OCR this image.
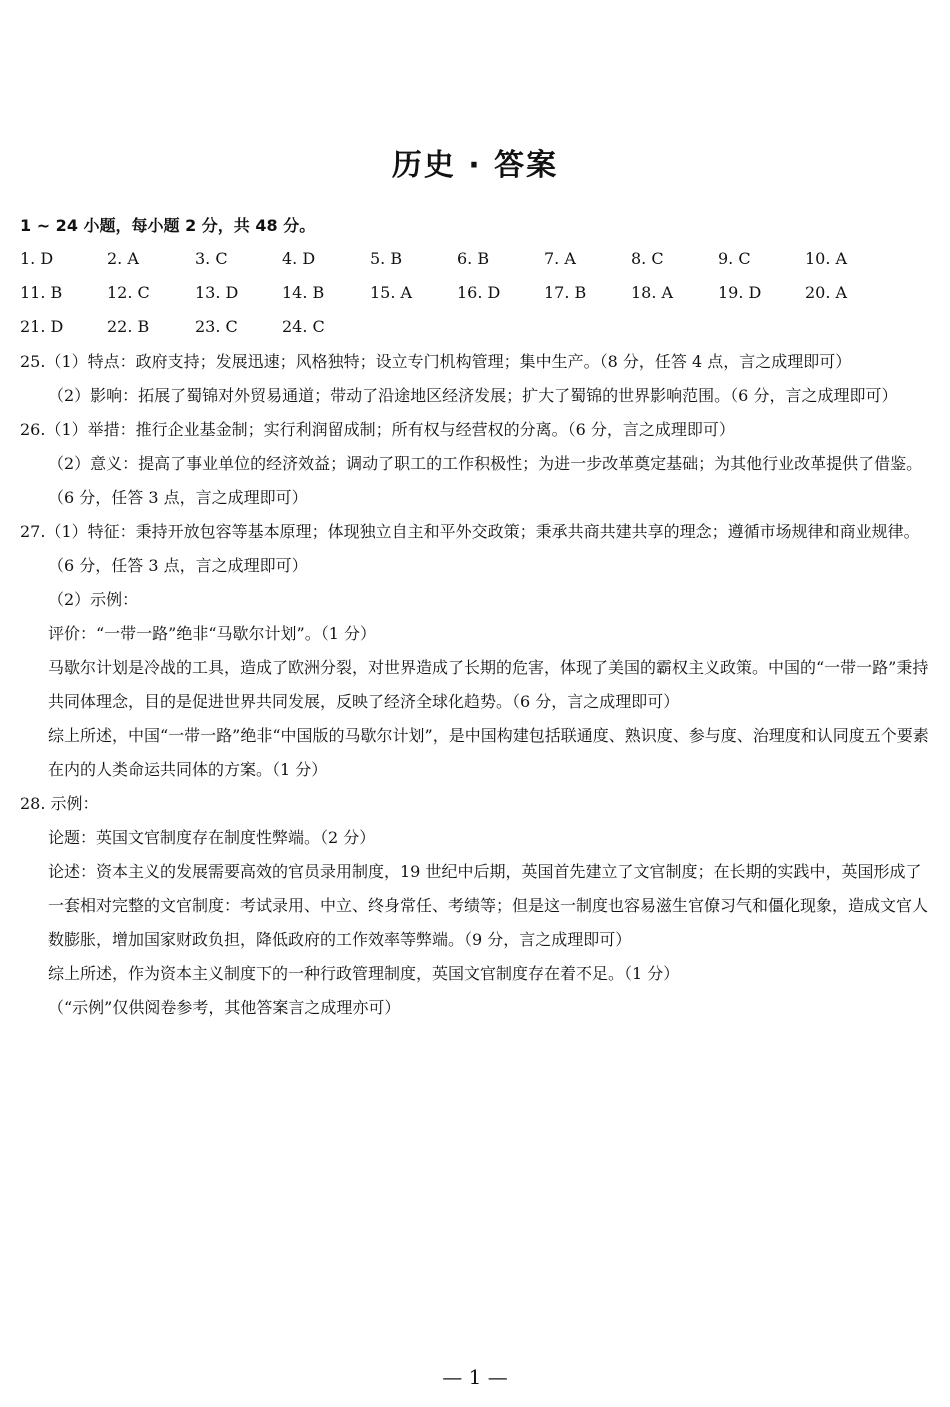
历史 · 答案
1 ~ 24 小题，每小题 2 分，共 48 分。
1. D	2. A	3. C	4. D	5. B	6. B	7. A	8. C	9. C	10. A
11. B	12. C	13. D	14. B	15. A	16. D	17. B	18. A	19. D	20. A
21. D	22. B	23. C	24. C

25.（1）特点：政府支持；发展迅速；风格独特；设立专门机构管理；集中生产。（8 分，任答 4 点，言之成理即可）

（2）影响：拓展了蜀锦对外贸易通道；带动了沿途地区经济发展；扩大了蜀锦的世界影响范围。（6 分，言之成理即可）

26.（1）举措：推行企业基金制；实行利润留成制；所有权与经营权的分离。（6 分，言之成理即可）

（2）意义：提高了事业单位的经济效益；调动了职工的工作积极性；为进一步改革奠定基础；为其他行业改革提供了借鉴。（6 分，任答 3 点，言之成理即可）

27.（1）特征：秉持开放包容等基本原理；体现独立自主和平外交政策；秉承共商共建共享的理念；遵循市场规律和商业规律。（6 分，任答 3 点，言之成理即可）

（2）示例：

评价：“一带一路”绝非“马歇尔计划”。（1 分）

马歇尔计划是冷战的工具，造成了欧洲分裂，对世界造成了长期的危害，体现了美国的霸权主义政策。中国的“一带一路”秉持共同体理念，目的是促进世界共同发展，反映了经济全球化趋势。（6 分，言之成理即可）

综上所述，中国“一带一路”绝非“中国版的马歇尔计划”，是中国构建包括联通度、熟识度、参与度、治理度和认同度五个要素在内的人类命运共同体的方案。（1 分）

28. 示例：

论题：英国文官制度存在制度性弊端。（2 分）

论述：资本主义的发展需要高效的官员录用制度，19 世纪中后期，英国首先建立了文官制度；在长期的实践中，英国形成了一套相对完整的文官制度：考试录用、中立、终身常任、考绩等；但是这一制度也容易滋生官僚习气和僵化现象，造成文官人数膨胀，增加国家财政负担，降低政府的工作效率等弊端。（9 分，言之成理即可）

综上所述，作为资本主义制度下的一种行政管理制度，英国文官制度存在着不足。（1 分）

（“示例”仅供阅卷参考，其他答案言之成理亦可）

— 1 —
